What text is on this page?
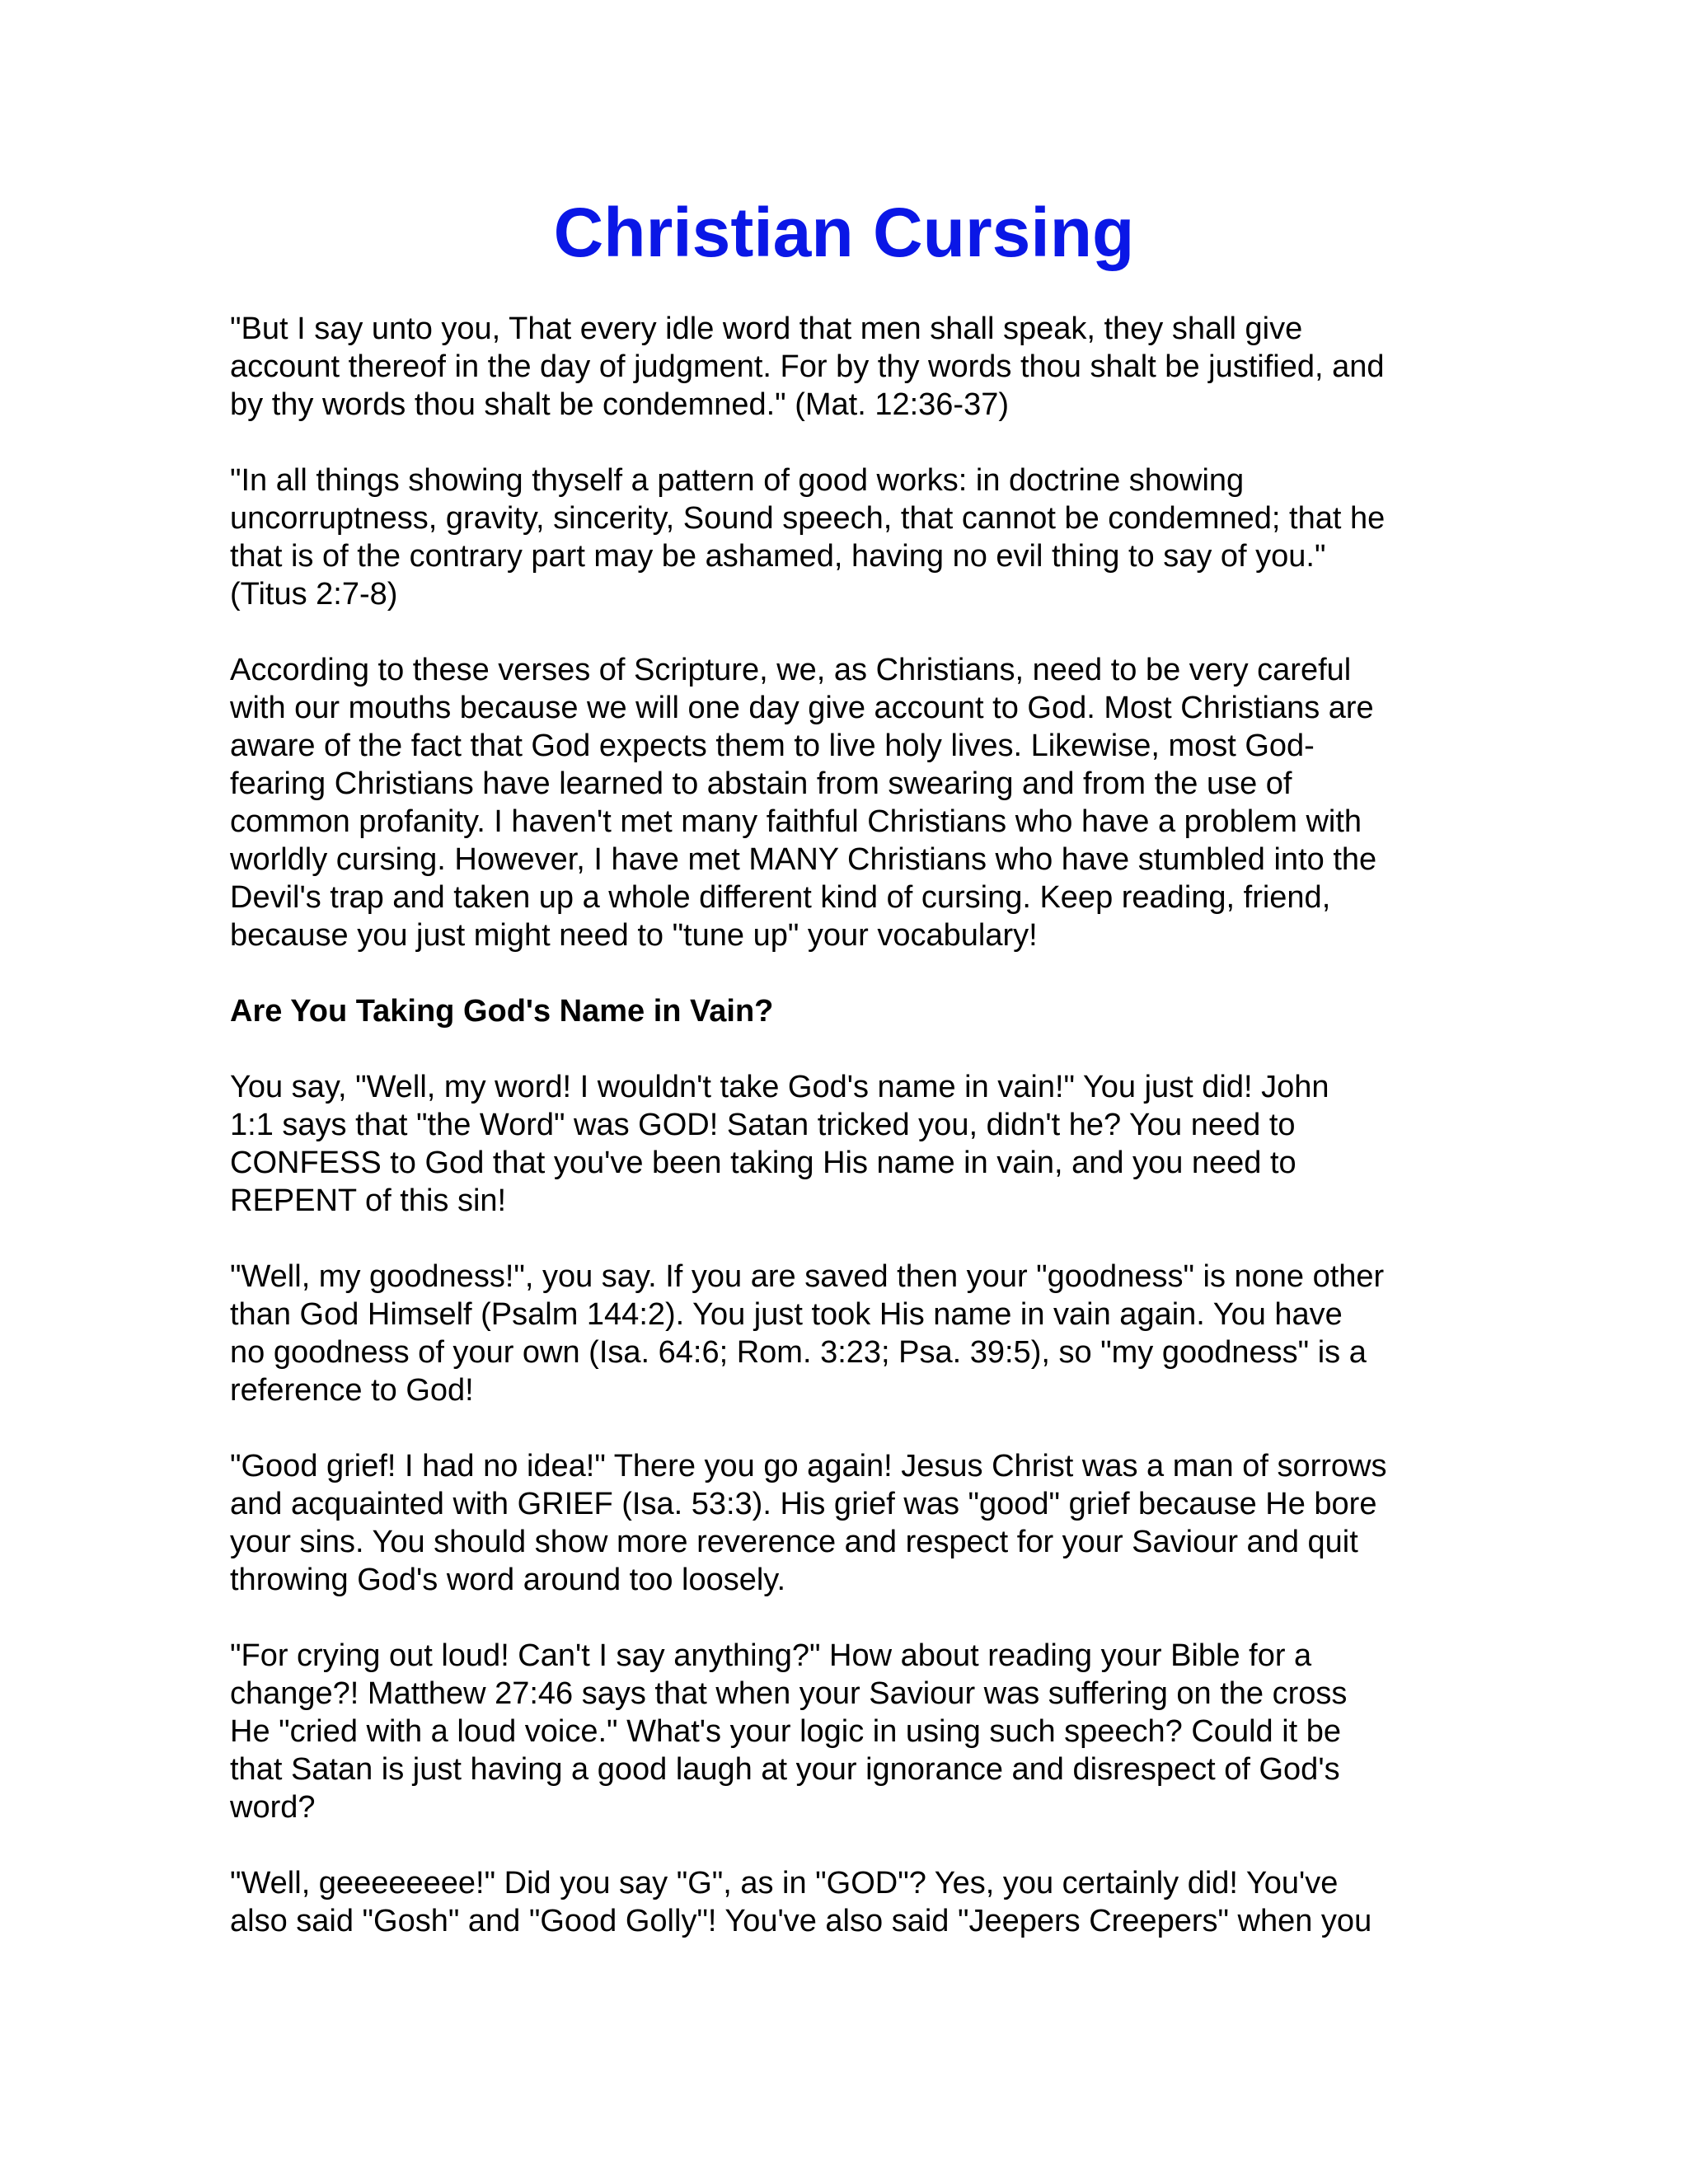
Christian Cursing
"But I say unto you, That every idle word that men shall speak, they shall give
account thereof in the day of judgment. For by thy words thou shalt be justified, and
by thy words thou shalt be condemned." (Mat. 12:36-37)
"In all things showing thyself a pattern of good works: in doctrine showing
uncorruptness, gravity, sincerity, Sound speech, that cannot be condemned; that he
that is of the contrary part may be ashamed, having no evil thing to say of you."
(Titus 2:7-8)
According to these verses of Scripture, we, as Christians, need to be very careful
with our mouths because we will one day give account to God. Most Christians are
aware of the fact that God expects them to live holy lives. Likewise, most God-
fearing Christians have learned to abstain from swearing and from the use of
common profanity. I haven't met many faithful Christians who have a problem with
worldly cursing. However, I have met MANY Christians who have stumbled into the
Devil's trap and taken up a whole different kind of cursing. Keep reading, friend,
because you just might need to "tune up" your vocabulary!
Are You Taking God's Name in Vain?
You say, "Well, my word! I wouldn't take God's name in vain!" You just did! John
1:1 says that "the Word" was GOD! Satan tricked you, didn't he? You need to
CONFESS to God that you've been taking His name in vain, and you need to
REPENT of this sin!
"Well, my goodness!", you say. If you are saved then your "goodness" is none other
than God Himself (Psalm 144:2). You just took His name in vain again. You have
no goodness of your own (Isa. 64:6; Rom. 3:23; Psa. 39:5), so "my goodness" is a
reference to God!
"Good grief! I had no idea!" There you go again! Jesus Christ was a man of sorrows
and acquainted with GRIEF (Isa. 53:3). His grief was "good" grief because He bore
your sins. You should show more reverence and respect for your Saviour and quit
throwing God's word around too loosely.
"For crying out loud! Can't I say anything?" How about reading your Bible for a
change?! Matthew 27:46 says that when your Saviour was suffering on the cross
He "cried with a loud voice." What's your logic in using such speech? Could it be
that Satan is just having a good laugh at your ignorance and disrespect of God's
word?
"Well, geeeeeeee!" Did you say "G", as in "GOD"? Yes, you certainly did! You've
also said "Gosh" and "Good Golly"! You've also said "Jeepers Creepers" when you
